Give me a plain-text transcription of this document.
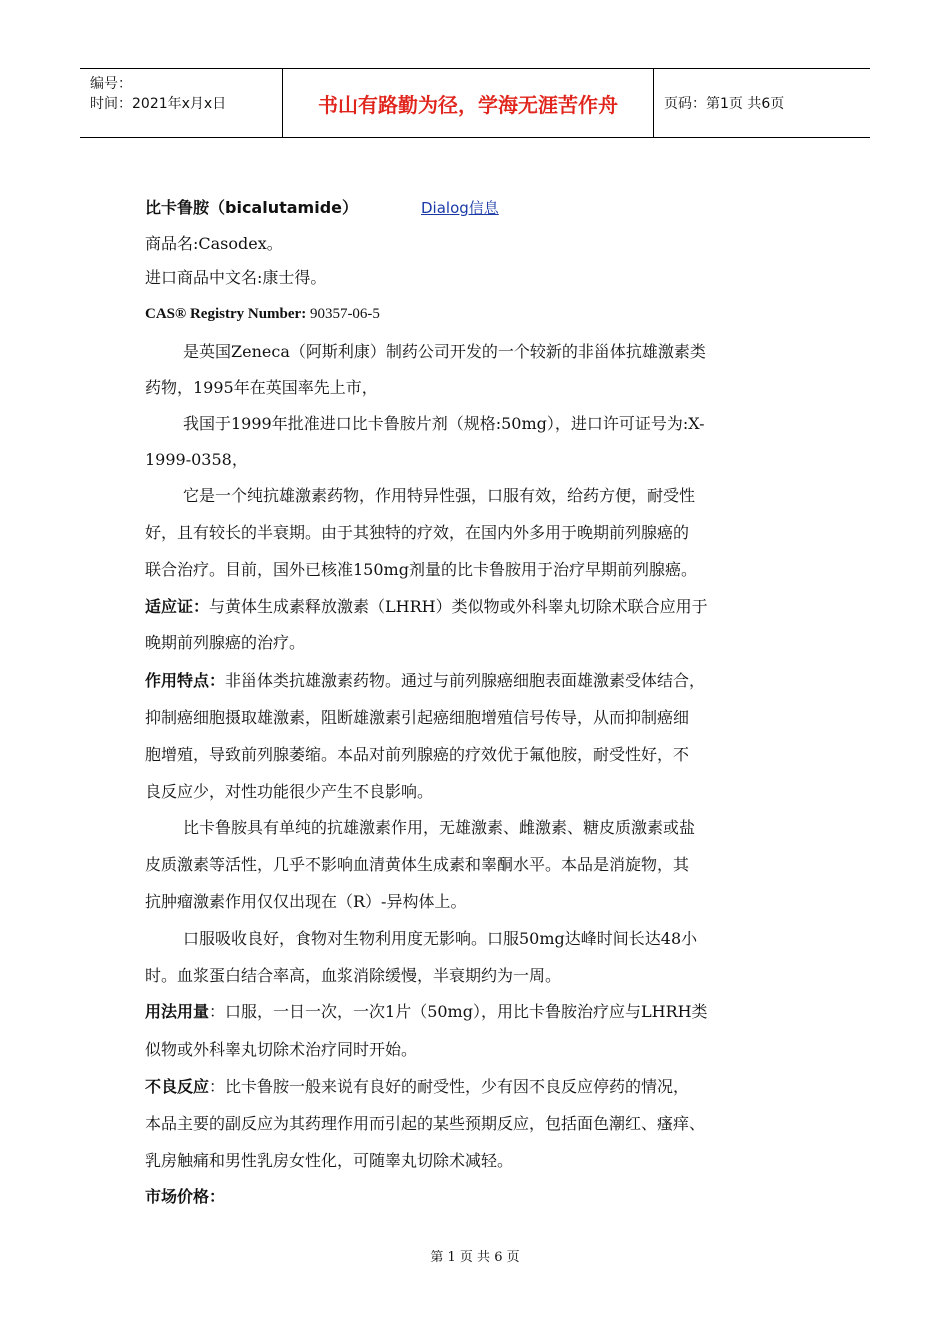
编号：
时间：2021年x月x日	书山有路勤为径，学海无涯苦作舟	页码：第1页 共6页
比卡鲁胺（bicalutamide）	Dialog信息
商品名:Casodex。
进口商品中文名:康士得。
CAS® Registry Number: 90357-06-5
是英国Zeneca（阿斯利康）制药公司开发的一个较新的非甾体抗雄激素类
药物，1995年在英国率先上市，
我国于1999年批准进口比卡鲁胺片剂（规格:50mg），进口许可证号为:X-
1999-0358，
它是一个纯抗雄激素药物，作用特异性强，口服有效，给药方便，耐受性
好，且有较长的半衰期。由于其独特的疗效，在国内外多用于晚期前列腺癌的
联合治疗。目前，国外已核准150mg剂量的比卡鲁胺用于治疗早期前列腺癌。
适应证：与黄体生成素释放激素（LHRH）类似物或外科睾丸切除术联合应用于
晚期前列腺癌的治疗。
作用特点：非甾体类抗雄激素药物。通过与前列腺癌细胞表面雄激素受体结合，
抑制癌细胞摄取雄激素，阻断雄激素引起癌细胞增殖信号传导，从而抑制癌细
胞增殖，导致前列腺萎缩。本品对前列腺癌的疗效优于氟他胺，耐受性好，不
良反应少，对性功能很少产生不良影响。
比卡鲁胺具有单纯的抗雄激素作用，无雄激素、雌激素、糖皮质激素或盐
皮质激素等活性，几乎不影响血清黄体生成素和睾酮水平。本品是消旋物，其
抗肿瘤激素作用仅仅出现在（R）-异构体上。
口服吸收良好，食物对生物利用度无影响。口服50mg达峰时间长达48小
时。血浆蛋白结合率高，血浆消除缓慢，半衰期约为一周。
用法用量：口服，一日一次，一次1片（50mg），用比卡鲁胺治疗应与LHRH类
似物或外科睾丸切除术治疗同时开始。
不良反应：比卡鲁胺一般来说有良好的耐受性，少有因不良反应停药的情况，
本品主要的副反应为其药理作用而引起的某些预期反应，包括面色潮红、瘙痒、
乳房触痛和男性乳房女性化，可随睾丸切除术减轻。
市场价格：
第 1 页 共 6 页
